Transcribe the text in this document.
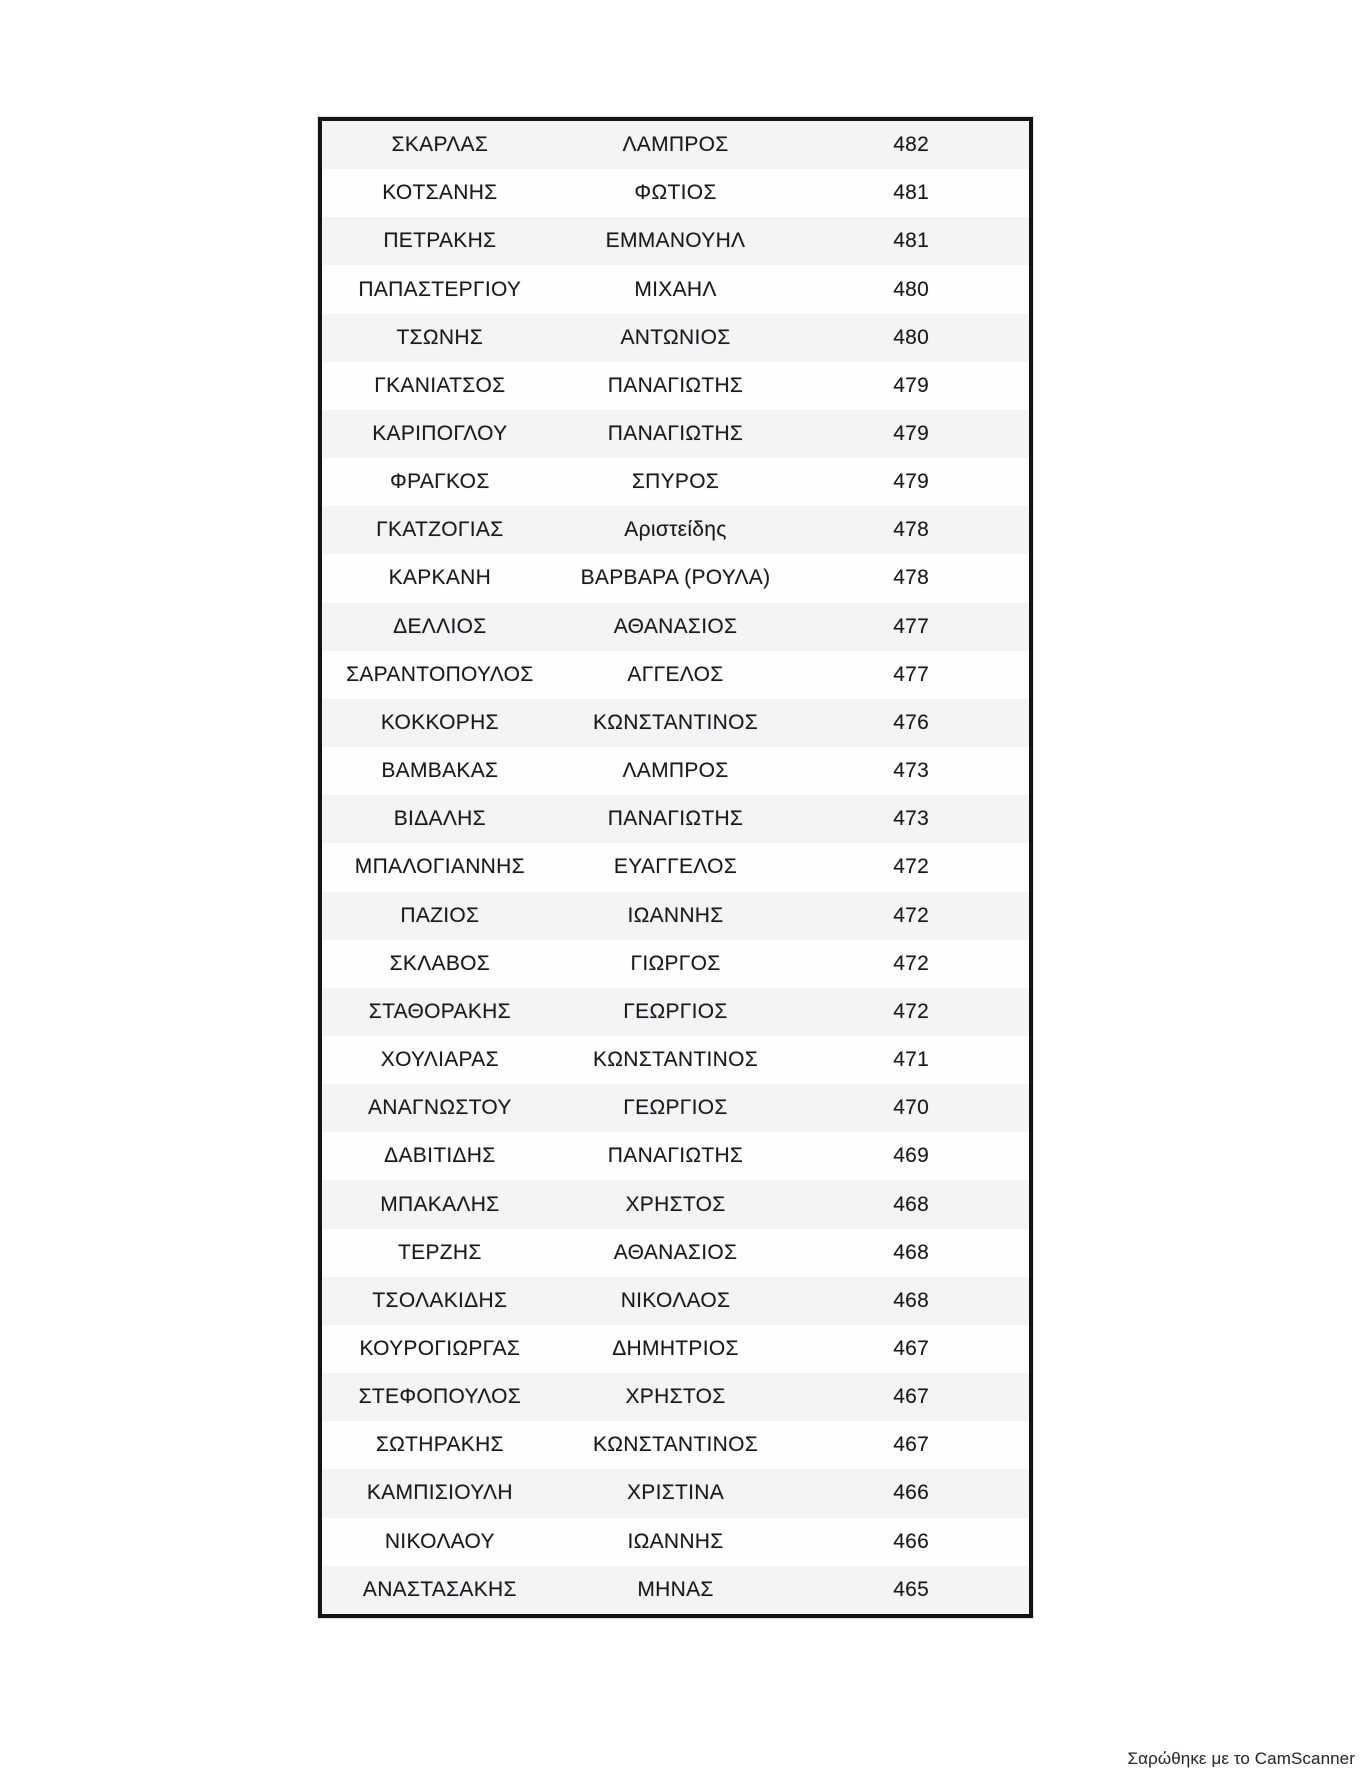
ΣΚΑΡΛΑΣ	ΛΑΜΠΡΟΣ	482
ΚΟΤΣΑΝΗΣ	ΦΩΤΙΟΣ	481
ΠΕΤΡΑΚΗΣ	ΕΜΜΑΝΟΥΗΛ	481
ΠΑΠΑΣΤΕΡΓΙΟΥ	ΜΙΧΑΗΛ	480
ΤΣΩΝΗΣ	ΑΝΤΩΝΙΟΣ	480
ΓΚΑΝΙΑΤΣΟΣ	ΠΑΝΑΓΙΩΤΗΣ	479
ΚΑΡΙΠΟΓΛΟΥ	ΠΑΝΑΓΙΩΤΗΣ	479
ΦΡΑΓΚΟΣ	ΣΠΥΡΟΣ	479
ΓΚΑΤΖΟΓΙΑΣ	Αριστείδης	478
ΚΑΡΚΑΝΗ	ΒΑΡΒΑΡΑ (ΡΟΥΛΑ)	478
ΔΕΛΛΙΟΣ	ΑΘΑΝΑΣΙΟΣ	477
ΣΑΡΑΝΤΟΠΟΥΛΟΣ	ΑΓΓΕΛΟΣ	477
ΚΟΚΚΟΡΗΣ	ΚΩΝΣΤΑΝΤΙΝΟΣ	476
ΒΑΜΒΑΚΑΣ	ΛΑΜΠΡΟΣ	473
ΒΙΔΑΛΗΣ	ΠΑΝΑΓΙΩΤΗΣ	473
ΜΠΑΛΟΓΙΑΝΝΗΣ	ΕΥΑΓΓΕΛΟΣ	472
ΠΑΖΙΟΣ	ΙΩΑΝΝΗΣ	472
ΣΚΛΑΒΟΣ	ΓΙΩΡΓΟΣ	472
ΣΤΑΘΟΡΑΚΗΣ	ΓΕΩΡΓΙΟΣ	472
ΧΟΥΛΙΑΡΑΣ	ΚΩΝΣΤΑΝΤΙΝΟΣ	471
ΑΝΑΓΝΩΣΤΟΥ	ΓΕΩΡΓΙΟΣ	470
ΔΑΒΙΤΙΔΗΣ	ΠΑΝΑΓΙΩΤΗΣ	469
ΜΠΑΚΑΛΗΣ	ΧΡΗΣΤΟΣ	468
ΤΕΡΖΗΣ	ΑΘΑΝΑΣΙΟΣ	468
ΤΣΟΛΑΚΙΔΗΣ	ΝΙΚΟΛΑΟΣ	468
ΚΟΥΡΟΓΙΩΡΓΑΣ	ΔΗΜΗΤΡΙΟΣ	467
ΣΤΕΦΟΠΟΥΛΟΣ	ΧΡΗΣΤΟΣ	467
ΣΩΤΗΡΑΚΗΣ	ΚΩΝΣΤΑΝΤΙΝΟΣ	467
ΚΑΜΠΙΣΙΟΥΛΗ	ΧΡΙΣΤΙΝΑ	466
ΝΙΚΟΛΑΟΥ	ΙΩΑΝΝΗΣ	466
ΑΝΑΣΤΑΣΑΚΗΣ	ΜΗΝΑΣ	465
Σαρώθηκε με το CamScanner
